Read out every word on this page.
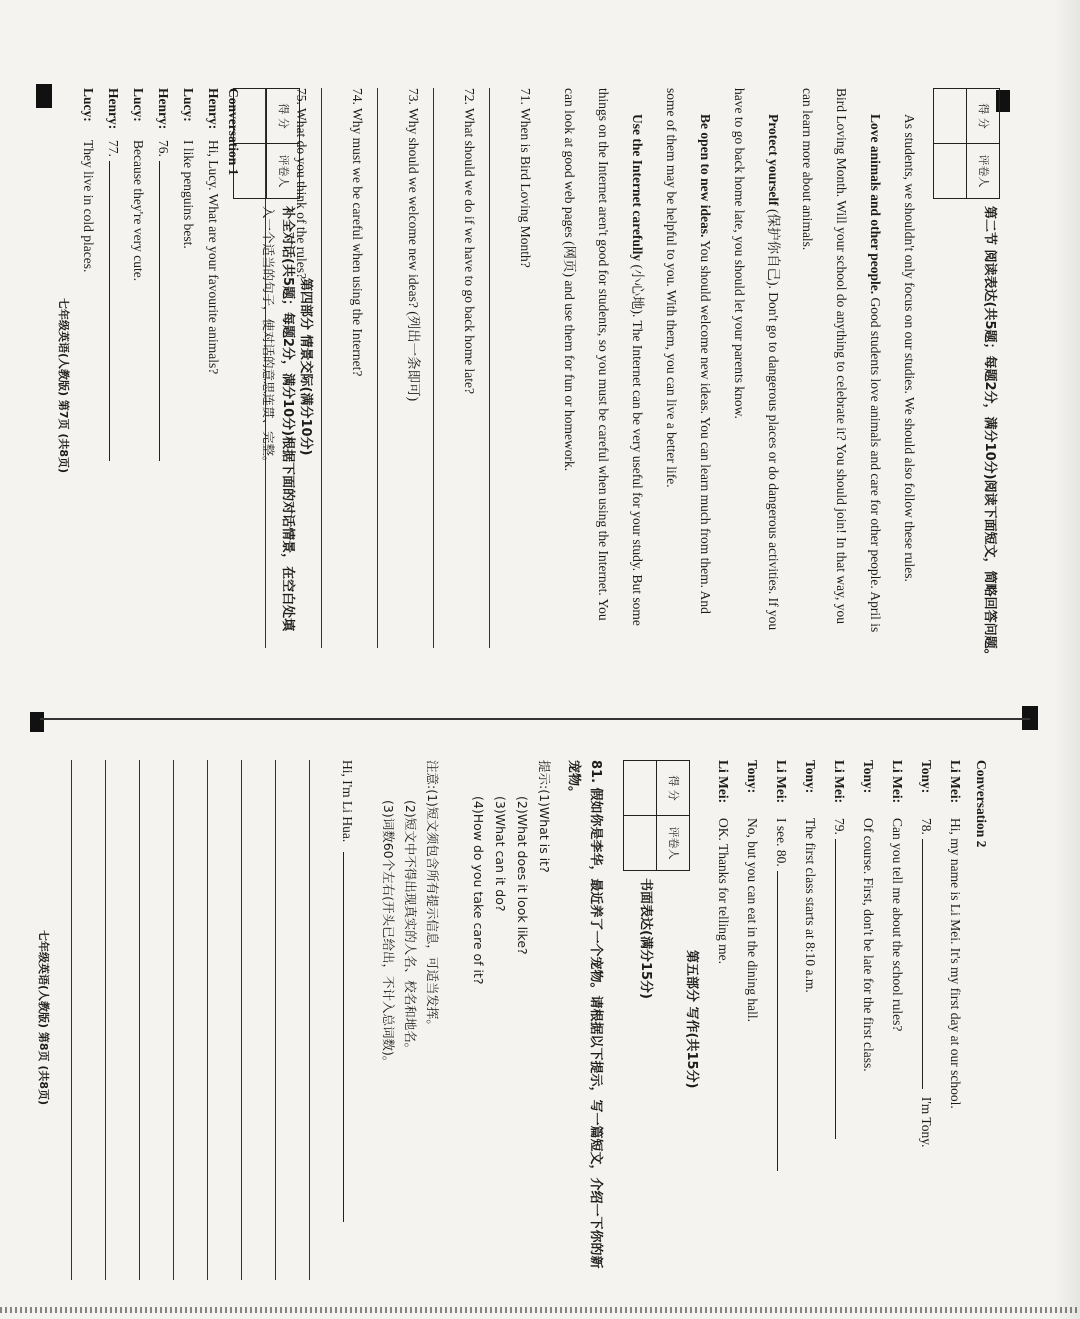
得 分	评卷人

第二节 阅读表达(共5题；每题2分，满分10分)阅读下面短文，简略回答问题。
As students, we shouldn't only focus on our studies. We should also follow these rules.
Love animals and other people. Good students love animals and care for other people. April is
Bird Loving Month. Will your school do anything to celebrate it? You should join! In that way, you
can learn more about animals.
Protect yourself (保护你自己). Don't go to dangerous places or do dangerous activities. If you
have to go back home late, you should let your parents know.
Be open to new ideas. You should welcome new ideas. You can learn much from them. And
some of them may be helpful to you. With them, you can live a better life.
Use the Internet carefully (小心地). The Internet can be very useful for your study. But some
things on the Internet aren't good for students, so you must be careful when using the Internet. You
can look at good web pages (网页) and use them for fun or homework.
71. When is Bird Loving Month?
72. What should we do if we have to go back home late?
73. Why should we welcome new ideas? (列出一条即可)
74. Why must we be careful when using the Internet?
75. What do you think of the rules?
第四部分 情景交际(满分10分)
得 分	评卷人

补全对话(共5题；每题2分，满分10分)根据下面的对话情景，在空白处填
入一个适当的句子，使对话的意思连贯、完整。
Conversation 1
Henry:Hi, Lucy. What are your favourite animals?
Lucy:I like penguins best.
Henry:76.
Lucy:Because they're very cute.
Henry:77.
Lucy:They live in cold places.
七年级英语(人教版) 第7页 (共8页)
Conversation 2
Li Mei:Hi, my name is Li Mei. It's my first day at our school.
Tony:78.I'm Tony.
Li Mei:Can you tell me about the school rules?
Tony:Of course. First, don't be late for the first class.
Li Mei:79.
Tony:The first class starts at 8:10 a.m.
Li Mei:I see. 80.
Tony:No, but you can eat in the dining hall.
Li Mei:OK. Thanks for telling me.
第五部分 写作(共15分)
得 分	评卷人

书面表达(满分15分)
81. 假如你是李华，最近养了一个宠物。请根据以下提示，写一篇短文，介绍一下你的新
宠物。
提示:(1)What is it?
(2)What does it look like?
(3)What can it do?
(4)How do you take care of it?
注意:(1)短文须包含所有提示信息，可适当发挥。
(2)短文中不得出现真实的人名、校名和地名。
(3)词数60个左右(开头已给出，不计入总词数)。
Hi, I'm Li Hua.
七年级英语(人教版) 第8页 (共8页)
